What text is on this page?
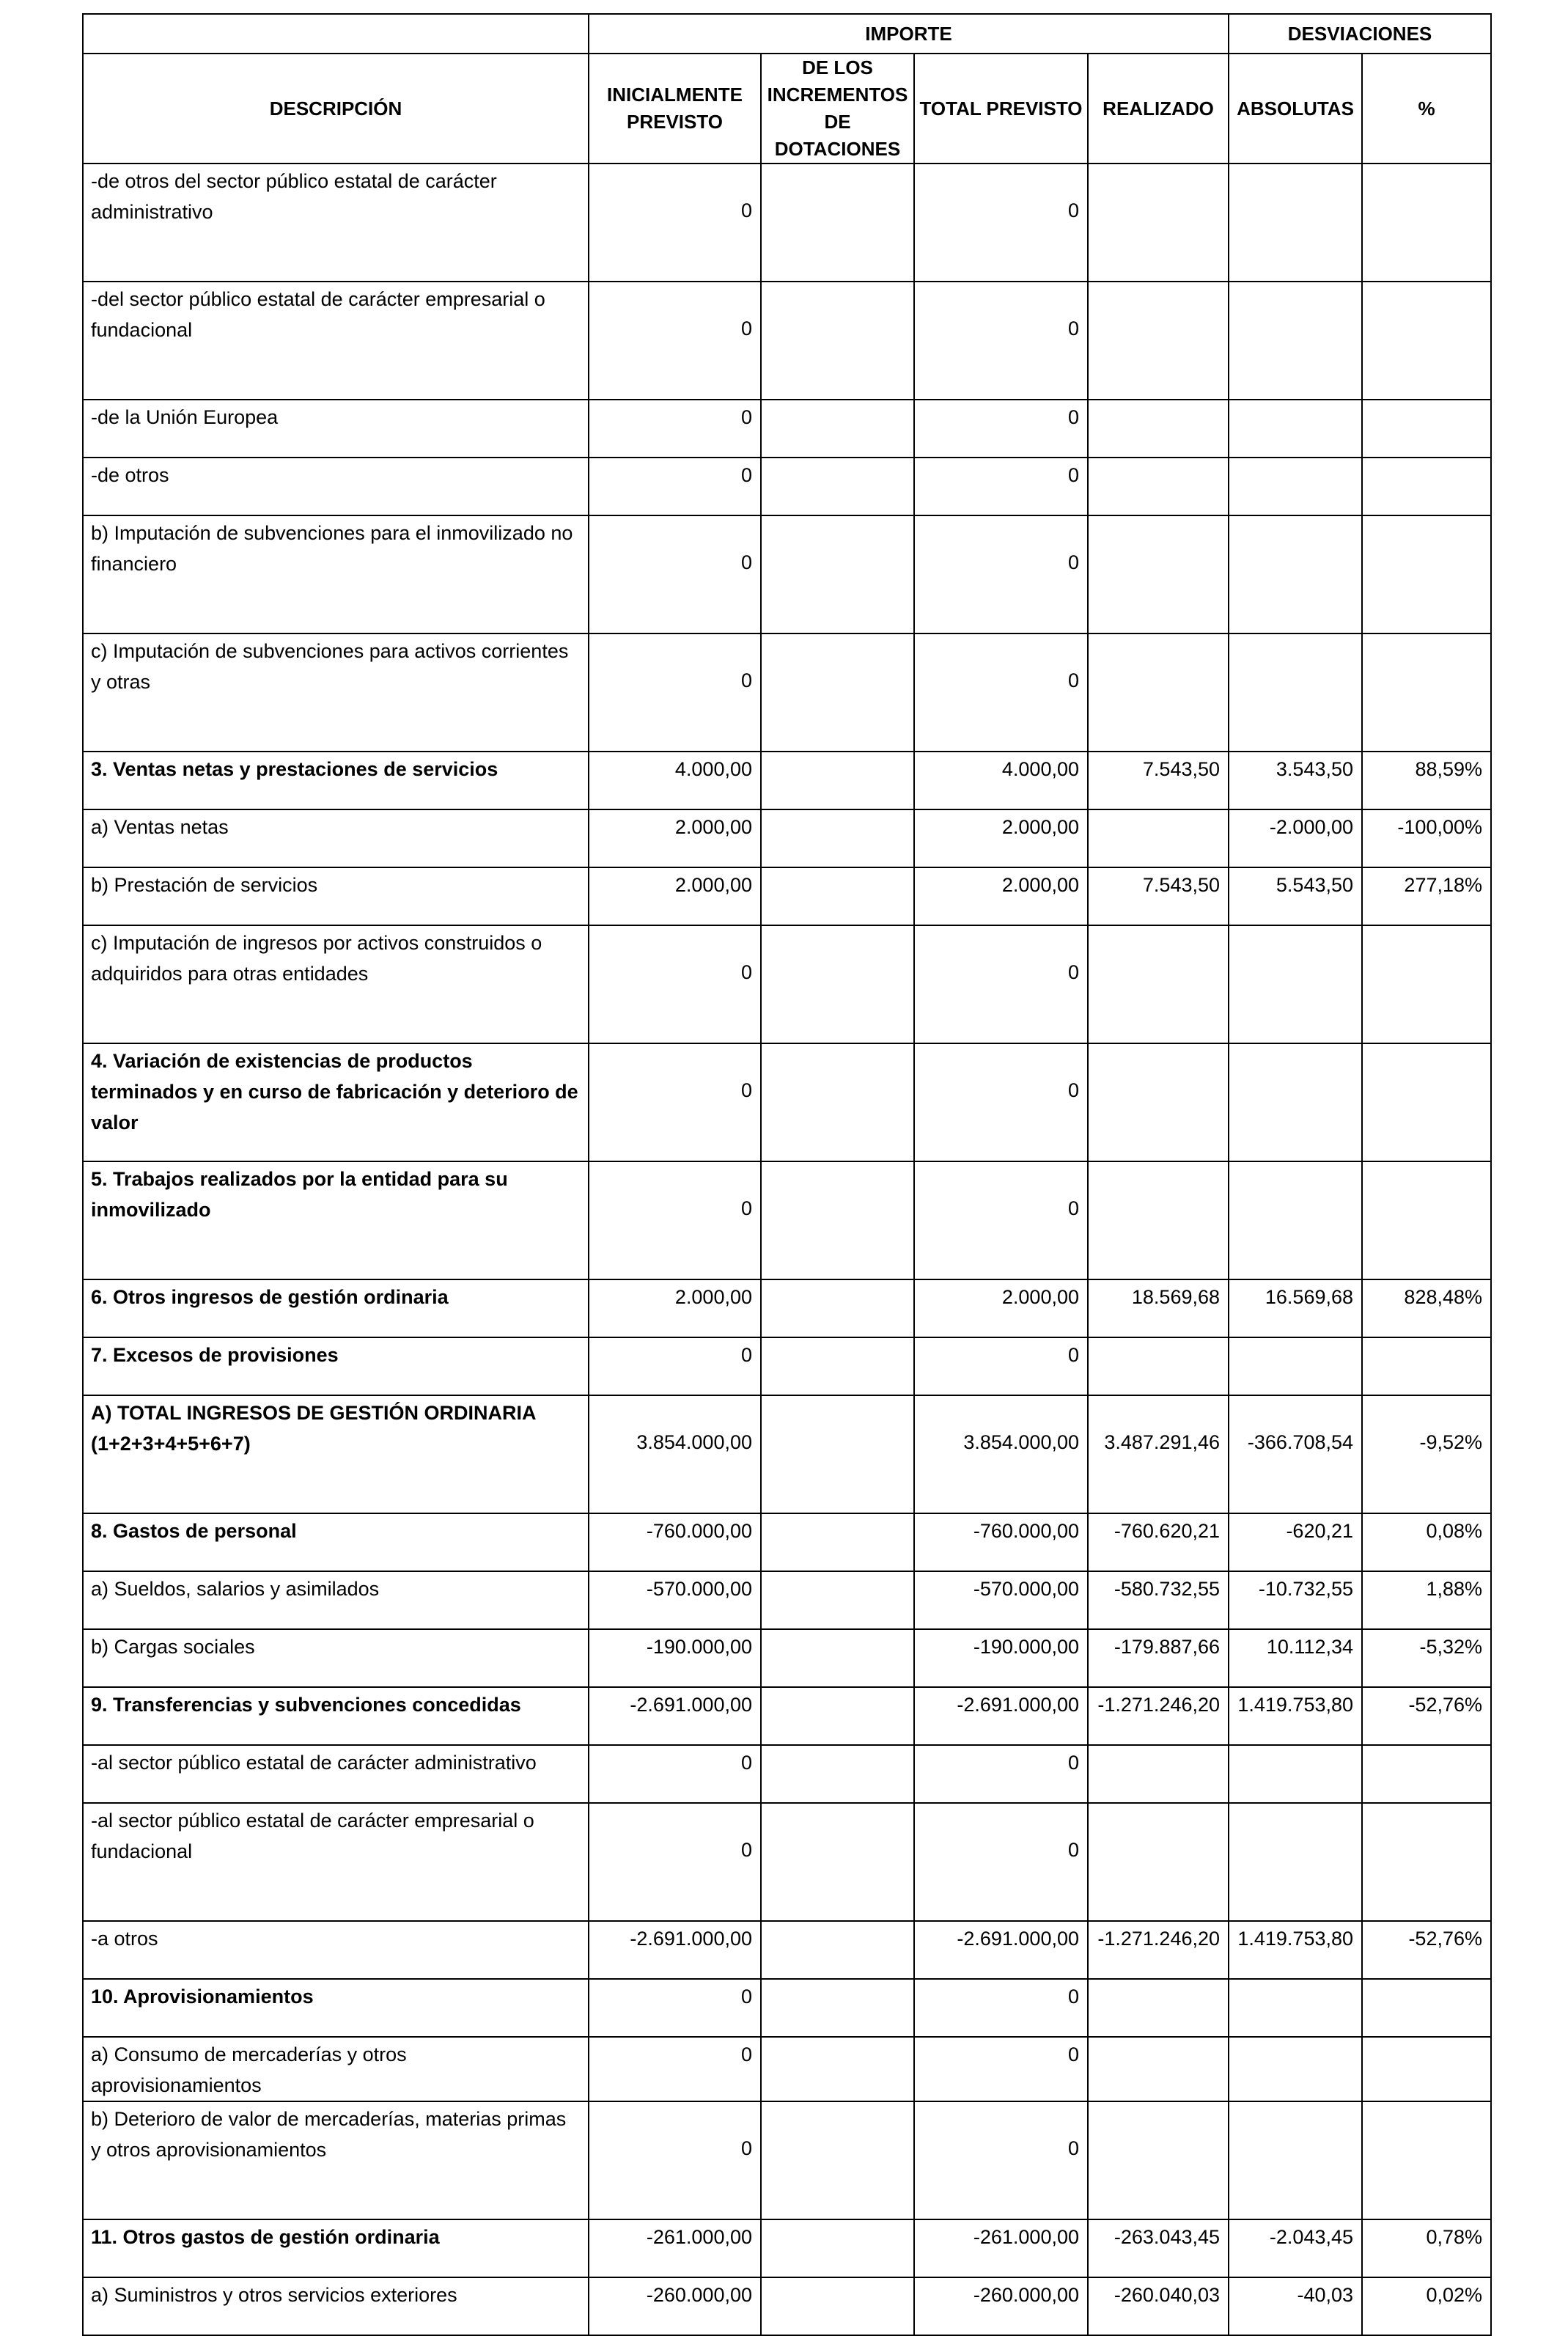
	IMPORTE				DESVIACIONES	
DESCRIPCIÓN	INICIALMENTE PREVISTO	DE LOS INCREMENTOS DE DOTACIONES	TOTAL PREVISTO	REALIZADO	ABSOLUTAS	%
-de otros del sector público estatal de carácter administrativo	0		0			
-del sector público estatal de carácter empresarial o fundacional	0		0			
-de la Unión Europea	0		0			
-de otros	0		0			
b) Imputación de subvenciones para el inmovilizado no financiero	0		0			
c) Imputación de subvenciones para activos corrientes y otras	0		0			
3. Ventas netas y prestaciones de servicios	4.000,00		4.000,00	7.543,50	3.543,50	88,59%
a) Ventas netas	2.000,00		2.000,00		-2.000,00	-100,00%
b) Prestación de servicios	2.000,00		2.000,00	7.543,50	5.543,50	277,18%
c) Imputación de ingresos por activos construidos o adquiridos para otras entidades	0		0			
4. Variación de existencias de productos terminados y en curso de fabricación y deterioro de valor	0		0			
5. Trabajos realizados por la entidad para su inmovilizado	0		0			
6. Otros ingresos de gestión ordinaria	2.000,00		2.000,00	18.569,68	16.569,68	828,48%
7. Excesos de provisiones	0		0			
A) TOTAL INGRESOS DE GESTIÓN ORDINARIA (1+2+3+4+5+6+7)	3.854.000,00		3.854.000,00	3.487.291,46	-366.708,54	-9,52%
8. Gastos de personal	-760.000,00		-760.000,00	-760.620,21	-620,21	0,08%
a) Sueldos, salarios y asimilados	-570.000,00		-570.000,00	-580.732,55	-10.732,55	1,88%
b) Cargas sociales	-190.000,00		-190.000,00	-179.887,66	10.112,34	-5,32%
9. Transferencias y subvenciones concedidas	-2.691.000,00		-2.691.000,00	-1.271.246,20	1.419.753,80	-52,76%
-al sector público estatal de carácter administrativo	0		0			
-al sector público estatal de carácter empresarial o fundacional	0		0			
-a otros	-2.691.000,00		-2.691.000,00	-1.271.246,20	1.419.753,80	-52,76%
10. Aprovisionamientos	0		0			
a) Consumo de mercaderías y otros aprovisionamientos	0		0			
b) Deterioro de valor de mercaderías, materias primas y otros aprovisionamientos	0		0			
11. Otros gastos de gestión ordinaria	-261.000,00		-261.000,00	-263.043,45	-2.043,45	0,78%
a) Suministros y otros servicios exteriores	-260.000,00		-260.000,00	-260.040,03	-40,03	0,02%
